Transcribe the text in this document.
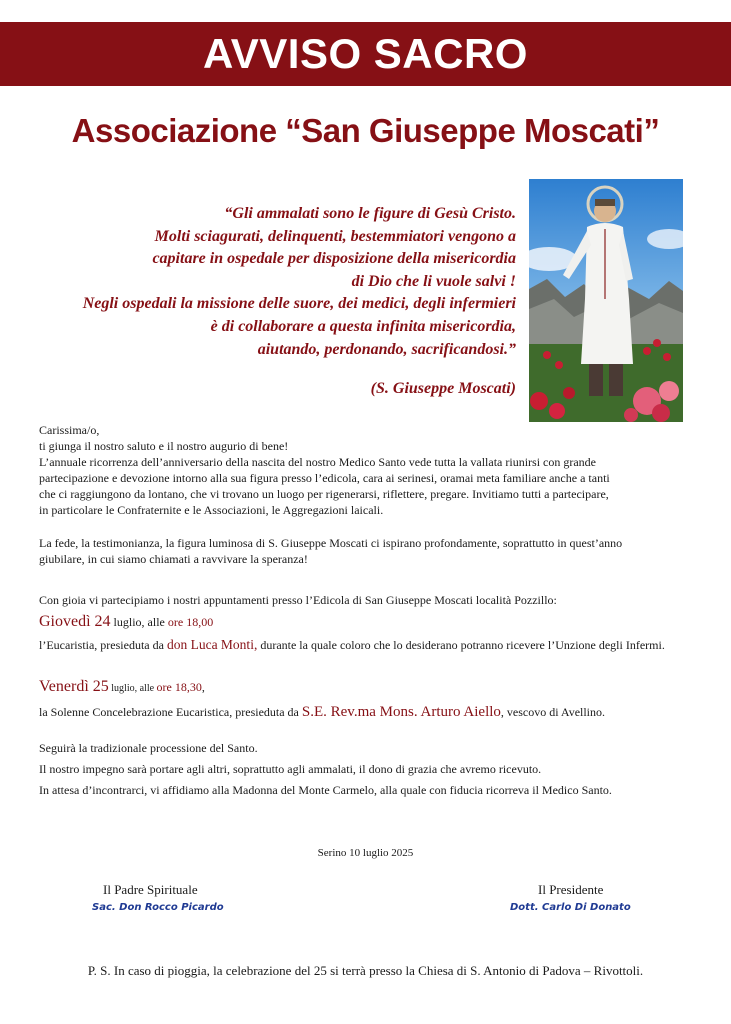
AVVISO SACRO
Associazione “San Giuseppe Moscati”
“Gli ammalati sono le figure di Gesù Cristo.
Molti sciagurati, delinquenti, bestemmiatori vengono a
capitare in ospedale per disposizione della misericordia
di Dio che li vuole salvi !
Negli ospedali la missione delle suore, dei medici, degli infermieri
è di collaborare a questa infinita misericordia,
aiutando, perdonando, sacrificandosi.”
(S. Giuseppe Moscati)
Carissima/o,
ti giunga il nostro saluto e il nostro augurio di bene!
L’annuale ricorrenza dell’anniversario della nascita del nostro Medico Santo vede tutta la vallata riunirsi con grande
partecipazione e devozione intorno alla sua figura presso l’edicola, cara ai serinesi, oramai meta familiare anche a tanti
che ci raggiungono da lontano, che vi trovano un luogo per rigenerarsi, riflettere, pregare. Invitiamo tutti a partecipare,
in particolare le Confraternite e le Associazioni, le Aggregazioni laicali.
La fede, la testimonianza, la figura luminosa di S. Giuseppe Moscati ci ispirano profondamente, soprattutto in quest’anno
giubilare, in cui siamo chiamati a ravvivare la speranza!
Con gioia vi partecipiamo i nostri appuntamenti presso l’Edicola di San Giuseppe Moscati località Pozzillo:
Giovedì 24 luglio, alle ore 18,00
l’Eucaristia, presieduta da don Luca Monti, durante la quale coloro che lo desiderano potranno ricevere l’Unzione degli Infermi.
Venerdì 25 luglio, alle ore 18,30,
la Solenne Concelebrazione Eucaristica, presieduta da S.E. Rev.ma Mons. Arturo Aiello, vescovo di Avellino.
Seguirà la tradizionale processione del Santo.
Il nostro impegno sarà portare agli altri, soprattutto agli ammalati, il dono di grazia che avremo ricevuto.
In attesa d’incontrarci, vi affidiamo alla Madonna del Monte Carmelo, alla quale con fiducia ricorreva il Medico Santo.
Serino 10 luglio 2025
Il Padre Spirituale
Sac. Don Rocco Picardo
Il Presidente
Dott. Carlo Di Donato
P. S. In caso di pioggia, la celebrazione del 25 si terrà presso la Chiesa di S. Antonio di Padova – Rivottoli.
